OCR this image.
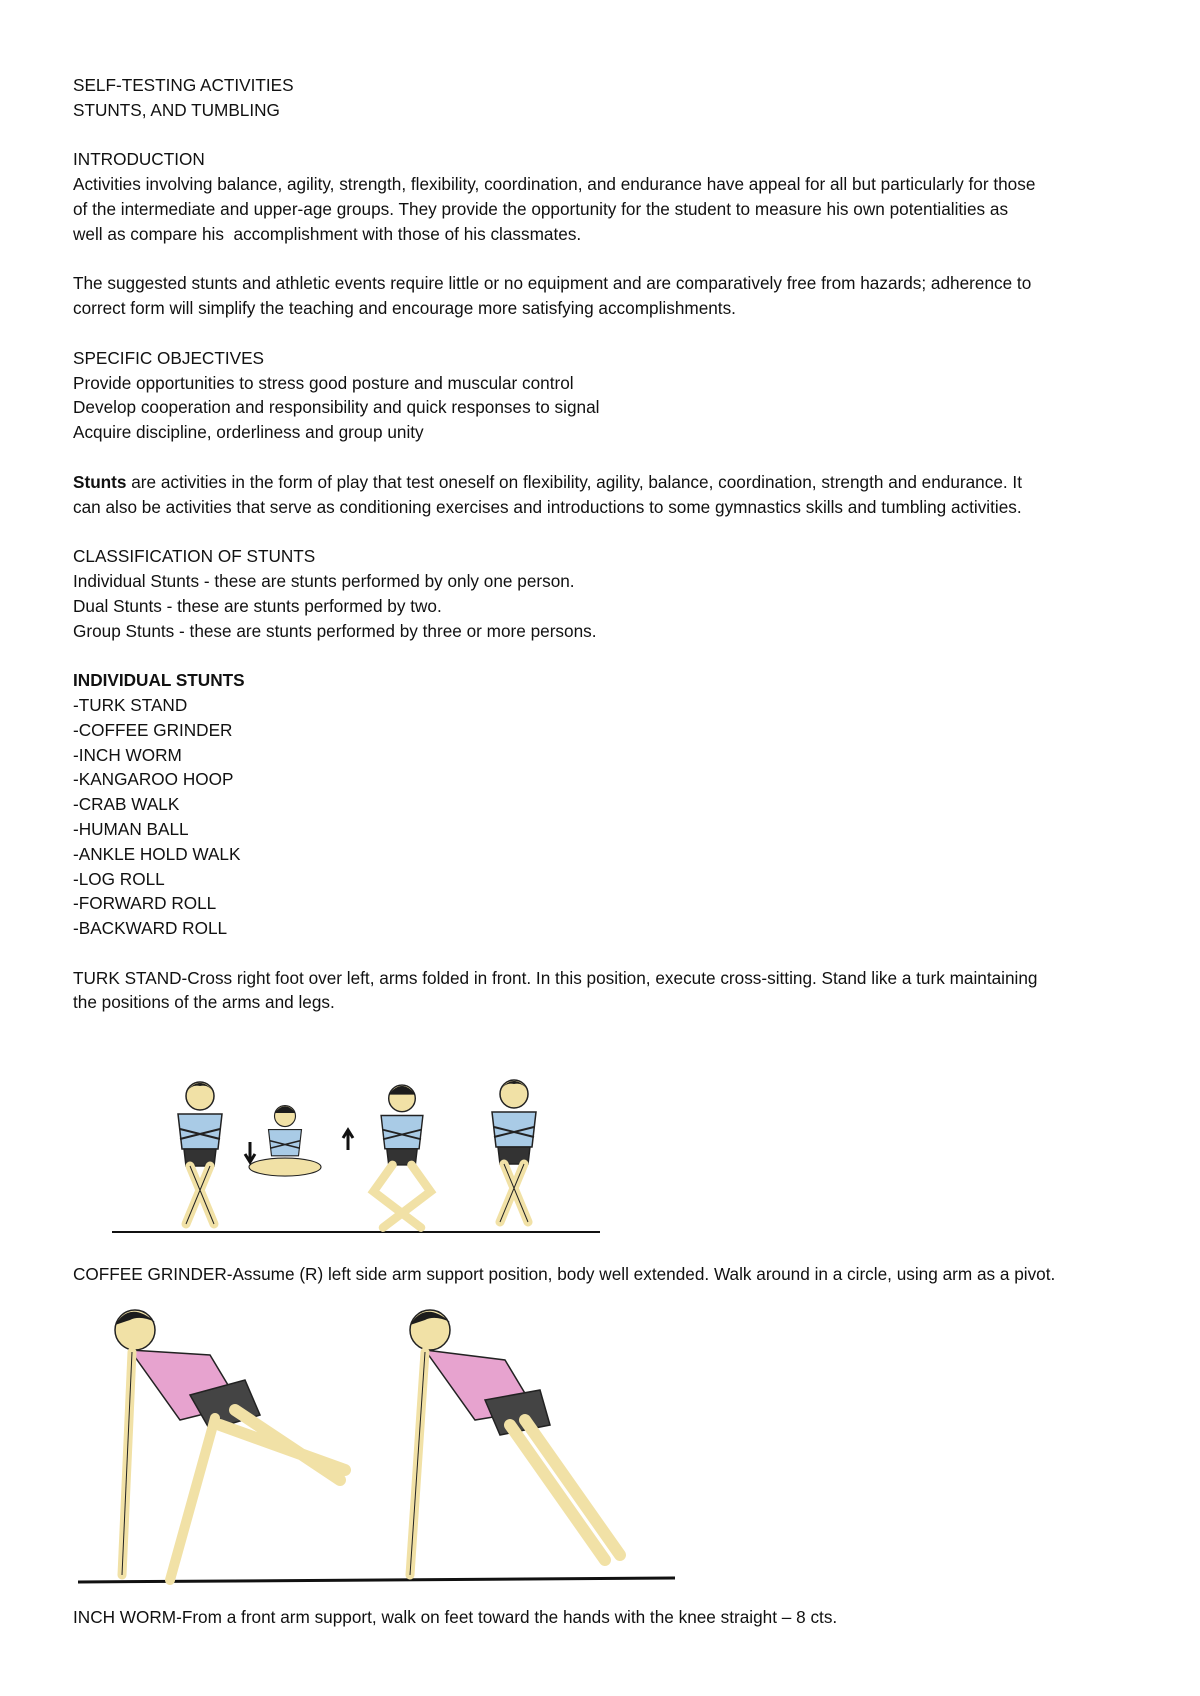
SELF-TESTING ACTIVITIES
STUNTS, AND TUMBLING
INTRODUCTION
Activities involving balance, agility, strength, flexibility, coordination, and endurance have appeal for all but particularly for those
of the intermediate and upper-age groups. They provide the opportunity for the student to measure his own potentialities as
well as compare his  accomplishment with those of his classmates.
The suggested stunts and athletic events require little or no equipment and are comparatively free from hazards; adherence to
correct form will simplify the teaching and encourage more satisfying accomplishments.
SPECIFIC OBJECTIVES
Provide opportunities to stress good posture and muscular control
Develop cooperation and responsibility and quick responses to signal
Acquire discipline, orderliness and group unity
Stunts are activities in the form of play that test oneself on flexibility, agility, balance, coordination, strength and endurance. It
can also be activities that serve as conditioning exercises and introductions to some gymnastics skills and tumbling activities.
CLASSIFICATION OF STUNTS
Individual Stunts - these are stunts performed by only one person.
Dual Stunts - these are stunts performed by two.
Group Stunts - these are stunts performed by three or more persons.
INDIVIDUAL STUNTS
-TURK STAND
-COFFEE GRINDER
-INCH WORM
-KANGAROO HOOP
-CRAB WALK
-HUMAN BALL
-ANKLE HOLD WALK
-LOG ROLL
-FORWARD ROLL
-BACKWARD ROLL
TURK STAND-Cross right foot over left, arms folded in front. In this position, execute cross-sitting. Stand like a turk maintaining
the positions of the arms and legs.
COFFEE GRINDER-Assume (R) left side arm support position, body well extended. Walk around in a circle, using arm as a pivot.
INCH WORM-From a front arm support, walk on feet toward the hands with the knee straight – 8 cts.
